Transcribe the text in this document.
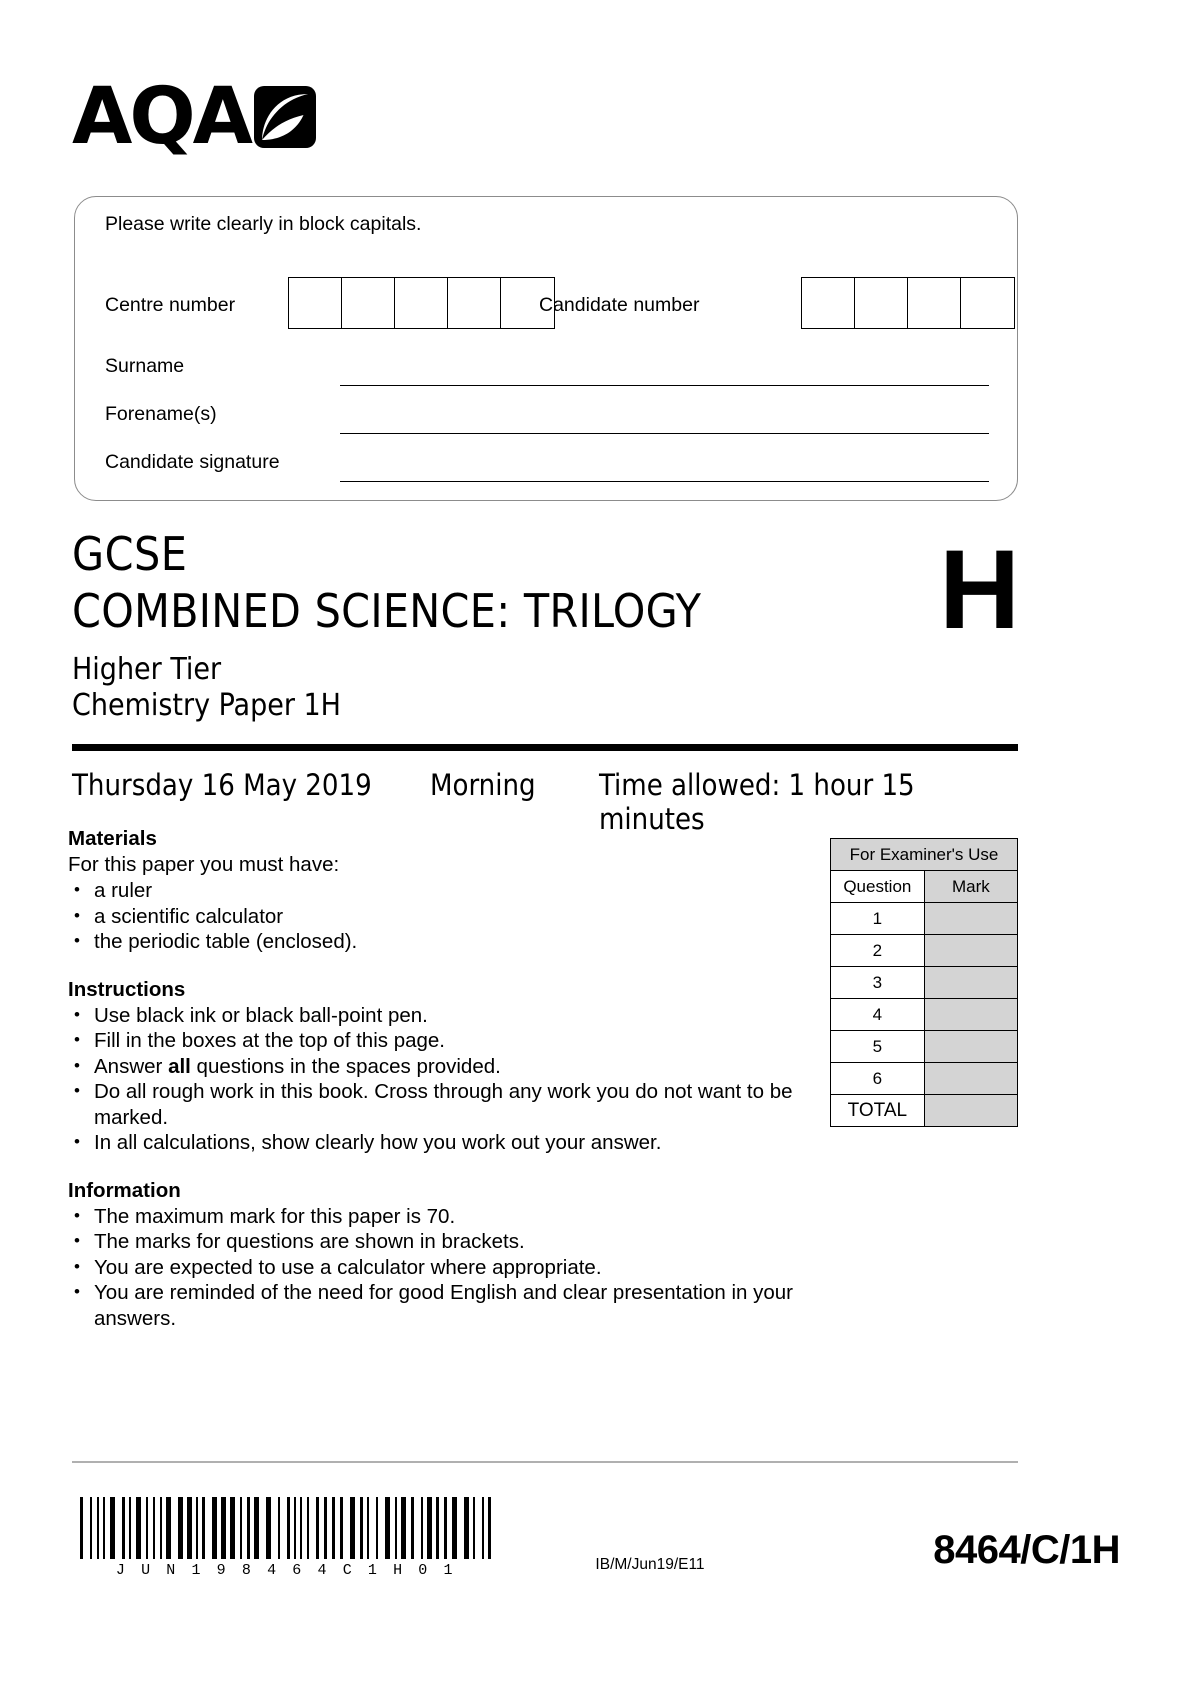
AQA
Please write clearly in block capitals.
Centre number	Candidate number
Surname
Forename(s)
Candidate signature
GCSE
COMBINED SCIENCE: TRILOGY	H
Higher Tier
Chemistry Paper 1H
Thursday 16 May 2019 Morning Time allowed: 1 hour 15 minutes
Materials
For this paper you must have:
• a ruler
• a scientific calculator
• the periodic table (enclosed).
Instructions
• Use black ink or black ball-point pen.
• Fill in the boxes at the top of this page.
• Answer all questions in the spaces provided.
• Do all rough work in this book. Cross through any work you do not want to be marked.
• In all calculations, show clearly how you work out your answer.
Information
• The maximum mark for this paper is 70.
• The marks for questions are shown in brackets.
• You are expected to use a calculator where appropriate.
• You are reminded of the need for good English and clear presentation in your answers.
For Examiner's Use	
Question	Mark
1	
2	
3	
4	
5	
6	
TOTAL	
J U N 1 9 8 4 6 4 C 1 H 0 1	IB/M/Jun19/E11	8464/C/1H
